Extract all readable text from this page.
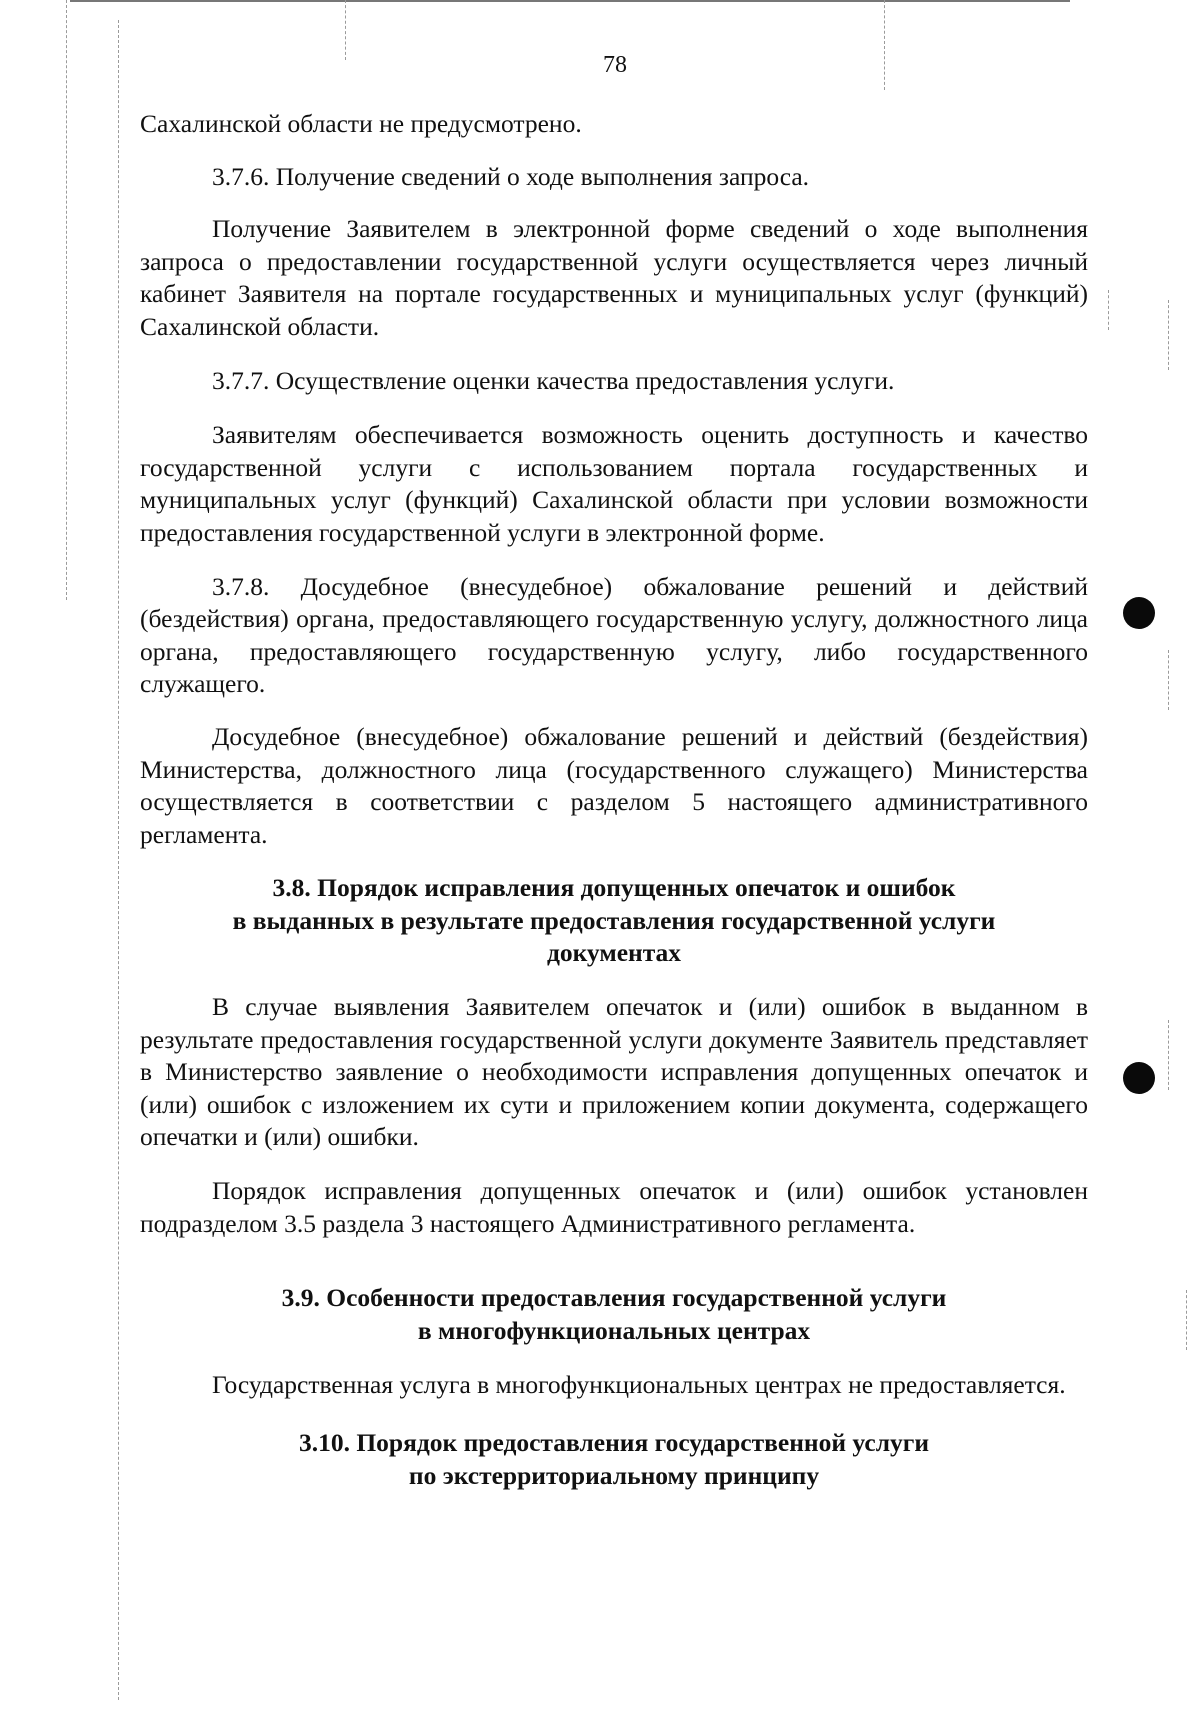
78

Сахалинской области не предусмотрено.

3.7.6. Получение сведений о ходе выполнения запроса.

Получение Заявителем в электронной форме сведений о ходе выполнения запроса о предоставлении государственной услуги осуществляется через личный кабинет Заявителя на портале государственных и муниципальных услуг (функций) Сахалинской области.

3.7.7. Осуществление оценки качества предоставления услуги.

Заявителям обеспечивается возможность оценить доступность и качество государственной услуги с использованием портала государственных и муниципальных услуг (функций) Сахалинской области при условии возможности предоставления государственной услуги в электронной форме.

3.7.8. Досудебное (внесудебное) обжалование решений и действий (бездействия) органа, предоставляющего государственную услугу, должностного лица органа, предоставляющего государственную услугу, либо государственного служащего.

Досудебное (внесудебное) обжалование решений и действий (бездействия) Министерства, должностного лица (государственного служащего) Министерства осуществляется в соответствии с разделом 5 настоящего административного регламента.

3.8. Порядок исправления допущенных опечаток и ошибок
в выданных в результате предоставления государственной услуги
документах

В случае выявления Заявителем опечаток и (или) ошибок в выданном в результате предоставления государственной услуги документе Заявитель представляет в Министерство заявление о необходимости исправления допущенных опечаток и (или) ошибок с изложением их сути и приложением копии документа, содержащего опечатки и (или) ошибки.

Порядок исправления допущенных опечаток и (или) ошибок установлен подразделом 3.5 раздела 3 настоящего Административного регламента.

3.9. Особенности предоставления государственной услуги
в многофункциональных центрах

Государственная услуга в многофункциональных центрах не предоставляется.

3.10. Порядок предоставления государственной услуги
по экстерриториальному принципу
